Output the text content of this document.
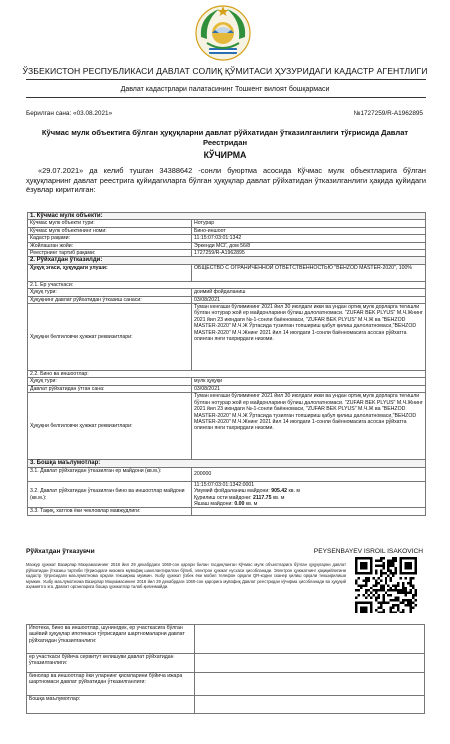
ЎЗБЕКИСТОН РЕСПУБЛИКАСИ ДАВЛАТ СОЛИҚ ҚЎМИТАСИ ҲУЗУРИДАГИ КАДАСТР АГЕНТЛИГИ
Давлат кадастрлари палатасининг Тошкент вилоят бошқармаси
Берилган сана: «03.08.2021»	№1727259/R-A1962895
Кўчмас мулк объектига бўлган ҳуқуқларни давлат рўйхатидан ўтказилганлиги тўғрисида Давлат Реестридан
КЎЧИРМА
«29.07.2021» да келиб тушган 34388642 -сонли буюртма асосида Кўчмас мулк объектларига бўлган ҳуқуқларнинг давлат реестрига қуйидагиларга бўлган ҳуқуқлар давлат рўйхатидан ўтказилганлиги ҳақида қуйидаги ёзувлар киритилган:
1. Кўчмас мулк объекти:	
Кўчмас мулк объекти тури:	Нотурар
Кўчмас мулк объектининг номи:	Бино-иншоот
Кадастр рақами:	11:15:07:03:01:1342
Жойлашган жойи:	Эркенди МСГ, дом 56/8
Реестрнинг тартиб рақами:	1727259/R-A1962895
2. Рўйхатдан ўтказилди:	
Ҳуқуқ эгаси, ҳуқуқдаги улуши:	ОБЩЕСТВО С ОГРАНИЧЕННОЙ ОТВЕТСТВЕННОСТЬЮ "BEHZOD MASTER-2020", 100%
2.1. Ер участкаси:	
Ҳуқуқ тури:	доимий фойдаланиш
Ҳуқуқнинг давлат рўйхатидан ўтказиш санаси:	03/08/2021
Ҳуқуқни белгиловчи ҳужжат реквизитлари:	Туман кенгаши бўлимининг 2021 йил 30 июлдаги икки ва ундан ортиқ мулк дорларга тегишли бўлган нотурар жой ер майдонларини бўлиш далолатномаси. "ZUFAR BEK PLYUS" М.Ч.Жнинг 2021 йил 23 июндаги №-1-сонли баённомаси, "ZUFAR BEK PLYUS" М.Ч.Ж ва "BEHZOD MASTER-2020" М.Ч.Ж Ўртасида тузилган топшириш қабул қилиш далолатномаси,"BEHZOD MASTER-2020" М.Ч.Жнинг 2021 йил 14 июлдаги 1-сонли баённомасига асосан рўйхатга олинган янги тахрирдаги низоми.
2.2. Бино ва иншоотлар:	
Ҳуқуқ тури:	мулк ҳуқуқи
Давлат рўйхатидан ўтган сана:	03/08/2021
Ҳуқуқни белгиловчи ҳужжат реквизитлари:	Туман кенгаши бўлимининг 2021 йил 30 июлдаги икки ва ундан ортиқ мулк дорларга тегишли бўлган нотурар жой ер майдонларини бўлиш далолатномаси. "ZUFAR BEK PLYUS" М.Ч.Жнинг 2021 йил 23 июндаги №-1-сонли баённомаси, "ZUFAR BEK PLYUS" М.Ч.Ж ва "BEHZOD MASTER-2020" М.Ч.Ж Ўртасида тузилган топшириш қабул қилиш далолатномаси,"BEHZOD MASTER-2020" М.Ч.Жнинг 2021 йил 14 июлдаги 1-сонли баённомасига асосан рўйхатга олинган янги тахрирдаги низоми.
3. Бошқа маълумотлар:	
3.1. Давлат рўйхатидан ўтказилган ер майдони (кв.м.):	200000
3.2. Давлат рўйхатидан ўтказилган бино ва иншоотлар майдони (кв.м.):	11:15:07:03:01:1342:0001
Умумий фойдаланиш майдони: 905.42 кв. м
Қурилиш ости майдони: 2117.75 кв. м
Яшаш майдони: 0.00 кв. м

3.3. Тақиқ, хатлов ёки чекловлар мавжудлиги:	
Рўйхатдан ўтказувчи	PEYSENBAYEV ISROIL ISAKOVICH
Мазкур ҳужжат Вазирлар Маҳкамасининг 2018 йил 29 декабрдаги 1060-сон қарори билан тасдиқланган Кўчмас мулк объектларига бўлган ҳуқуқларни давлат рўйхатидан ўтказиш тартиби тўғрисидаги низомга мувофиқ шакллантирилган бўлиб, электрон ҳужжат нусхаси ҳисобланади. Электрон ҳужжатнинг ҳақиқийлигини кадастр тўғрисидаги маълумотнома орқали текшириш мумкин. Ушбу ҳужжат ўзбек ёки мобил телефон орқали QR-кодни сканер қилиш орқали текширилиши мумкин. Ушбу маълумотнома Вазирлар Маҳкамасининг 2018 йил 29 декабрдаги 1060-сон қарорига мувофиқ Давлат реестридан кўчирма ҳисобланади ва ҳуқуқий аҳамиятга эга. Давлат органларига бошқа ҳужжатлар талаб қилинмайди.
Ипотека, бино ва иншоотлар, шунингдек, ер участкасига бўлган ашёвий ҳуқуқлар ипотекаси тўғрисидаги шартномаларни давлат рўйхатидан ўтказилганлиги:	
ер участкаси бўйича сервитут келишуви давлат рўйхатидан ўтказилганлиги:	
бинолар ва иншоотлар ёки уларнинг қисмларини бўйича ижара шартномаси давлат рўйхатидан ўтказилганлиги:	
Бошқа маълумотлар:	
